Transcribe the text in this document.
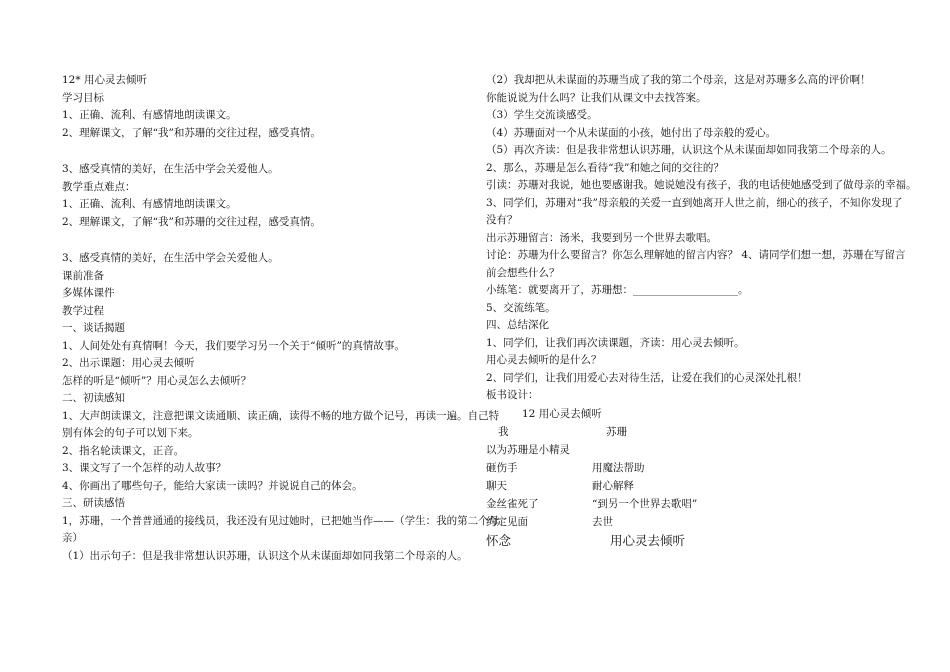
12* 用心灵去倾听
学习目标
1、正确、流利、有感情地朗读课文。
2、理解课文，了解“我”和苏珊的交往过程，感受真情。
3、感受真情的美好，在生活中学会关爱他人。
教学重点难点：
1、正确、流利、有感情地朗读课文。
2、理解课文，了解“我”和苏珊的交往过程，感受真情。
3、感受真情的美好，在生活中学会关爱他人。
课前准备
多媒体课件
教学过程
一、谈话揭题
1、人间处处有真情啊！今天，我们要学习另一个关于“倾听”的真情故事。
2、出示课题：用心灵去倾听
怎样的听是“倾听”？用心灵怎么去倾听？
二、初读感知
1、大声朗读课文，注意把课文读通顺、读正确，读得不畅的地方做个记号，再读一遍。自己特
别有体会的句子可以划下来。
2、指名轮读课文，正音。
3、课文写了一个怎样的动人故事？
4、你画出了哪些句子，能给大家读一读吗？并说说自己的体会。
三、研读感悟
1，苏珊，一个普普通通的接线员，我还没有见过她时，已把她当作——（学生：我的第二个母
亲）
（1）出示句子：但是我非常想认识苏珊，认识这个从未谋面却如同我第二个母亲的人。
（2）我却把从未谋面的苏珊当成了我的第二个母亲，这是对苏珊多么高的评价啊！
你能说说为什么吗？让我们从课文中去找答案。
（3）学生交流谈感受。
（4）苏珊面对一个从未谋面的小孩，她付出了母亲般的爱心。
（5）再次齐读：但是我非常想认识苏珊，认识这个从未谋面却如同我第二个母亲的人。
2、那么，苏珊是怎么看待“我”和她之间的交往的？
引读：苏珊对我说，她也要感谢我。她说她没有孩子，我的电话使她感受到了做母亲的幸福。
3、同学们，苏珊对“我”母亲般的关爱一直到她离开人世之前，细心的孩子，不知你发现了
没有？
出示苏珊留言：汤米，我要到另一个世界去歌唱。
讨论：苏珊为什么要留言？你怎么理解她的留言内容？ 4、请同学们想一想，苏珊在写留言
前会想些什么？
小练笔：就要离开了，苏珊想：____________________。
5、交流练笔。
四、总结深化
1、同学们，让我们再次读课题，齐读：用心灵去倾听。
用心灵去倾听的是什么？
2、同学们，让我们用爱心去对待生活，让爱在我们的心灵深处扎根！
板书设计：
12 用心灵去倾听
我	苏珊
以为苏珊是小精灵
砸伤手	用魔法帮助
聊天	耐心解释
金丝雀死了	“到另一个世界去歌唱”
约定见面	去世
怀念	用心灵去倾听
